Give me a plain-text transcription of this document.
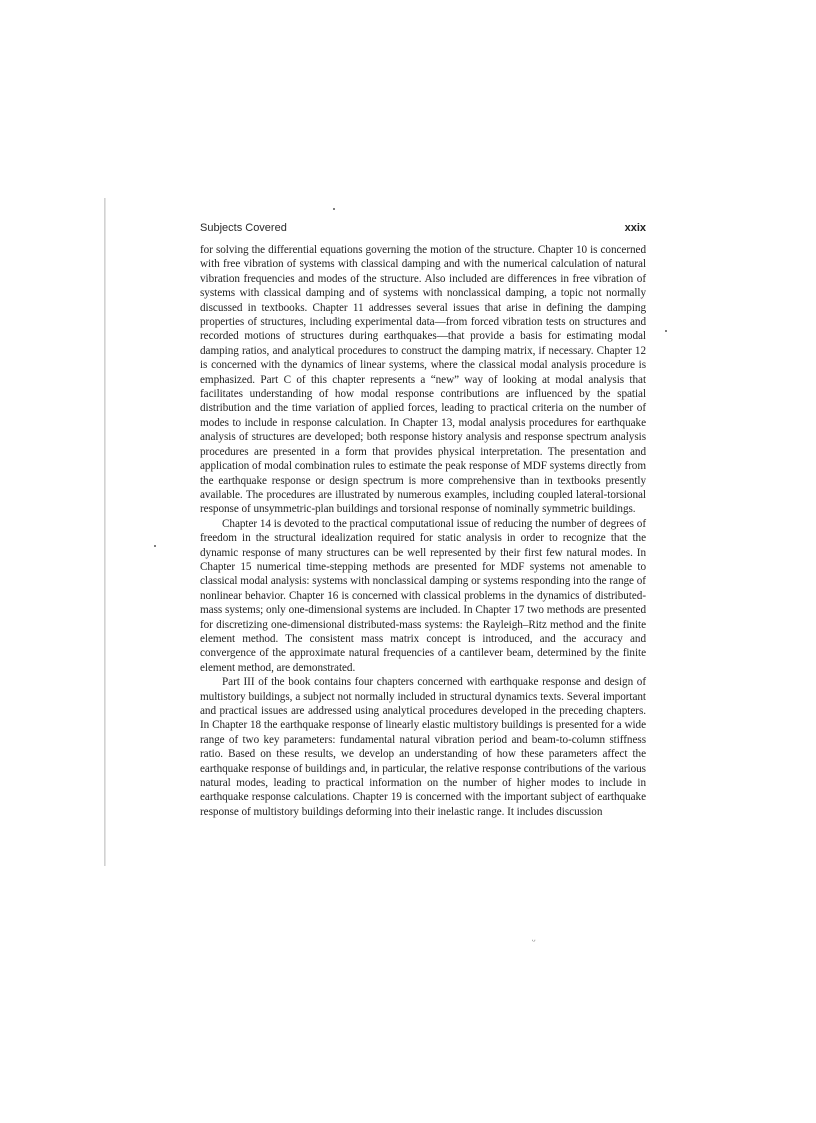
Subjects Covered	xxix

for solving the differential equations governing the motion of the structure. Chapter 10 is concerned with free vibration of systems with classical damping and with the numerical calculation of natural vibration frequencies and modes of the structure. Also included are differences in free vibration of systems with classical damping and of systems with nonclassical damping, a topic not normally discussed in textbooks. Chapter 11 addresses several issues that arise in defining the damping properties of structures, including experimental data—from forced vibration tests on structures and recorded motions of structures during earthquakes—that provide a basis for estimating modal damping ratios, and analytical procedures to construct the damping matrix, if necessary. Chapter 12 is concerned with the dynamics of linear systems, where the classical modal analysis procedure is emphasized. Part C of this chapter represents a “new” way of looking at modal analysis that facilitates understanding of how modal response contributions are influenced by the spatial distribution and the time variation of applied forces, leading to practical criteria on the number of modes to include in response calculation. In Chapter 13, modal analysis procedures for earthquake analysis of structures are developed; both response history analysis and response spectrum analysis procedures are presented in a form that provides physical interpretation. The presentation and application of modal combination rules to estimate the peak response of MDF systems directly from the earthquake response or design spectrum is more comprehensive than in textbooks presently available. The procedures are illustrated by numerous examples, including coupled lateral-torsional response of unsymmetric-plan buildings and torsional response of nominally symmetric buildings.

Chapter 14 is devoted to the practical computational issue of reducing the number of degrees of freedom in the structural idealization required for static analysis in order to recognize that the dynamic response of many structures can be well represented by their first few natural modes. In Chapter 15 numerical time-stepping methods are presented for MDF systems not amenable to classical modal analysis: systems with nonclassical damping or systems responding into the range of nonlinear behavior. Chapter 16 is concerned with classical problems in the dynamics of distributed-mass systems; only one-dimensional systems are included. In Chapter 17 two methods are presented for discretizing one-dimensional distributed-mass systems: the Rayleigh–Ritz method and the finite element method. The consistent mass matrix concept is introduced, and the accuracy and convergence of the approximate natural frequencies of a cantilever beam, determined by the finite element method, are demonstrated.

Part III of the book contains four chapters concerned with earthquake response and design of multistory buildings, a subject not normally included in structural dynamics texts. Several important and practical issues are addressed using analytical procedures developed in the preceding chapters. In Chapter 18 the earthquake response of linearly elastic multistory buildings is presented for a wide range of two key parameters: fundamental natural vibration period and beam-to-column stiffness ratio. Based on these results, we develop an understanding of how these parameters affect the earthquake response of buildings and, in particular, the relative response contributions of the various natural modes, leading to practical information on the number of higher modes to include in earthquake response calculations. Chapter 19 is concerned with the important subject of earthquake response of multistory buildings deforming into their inelastic range. It includes discussion

ᵕ
